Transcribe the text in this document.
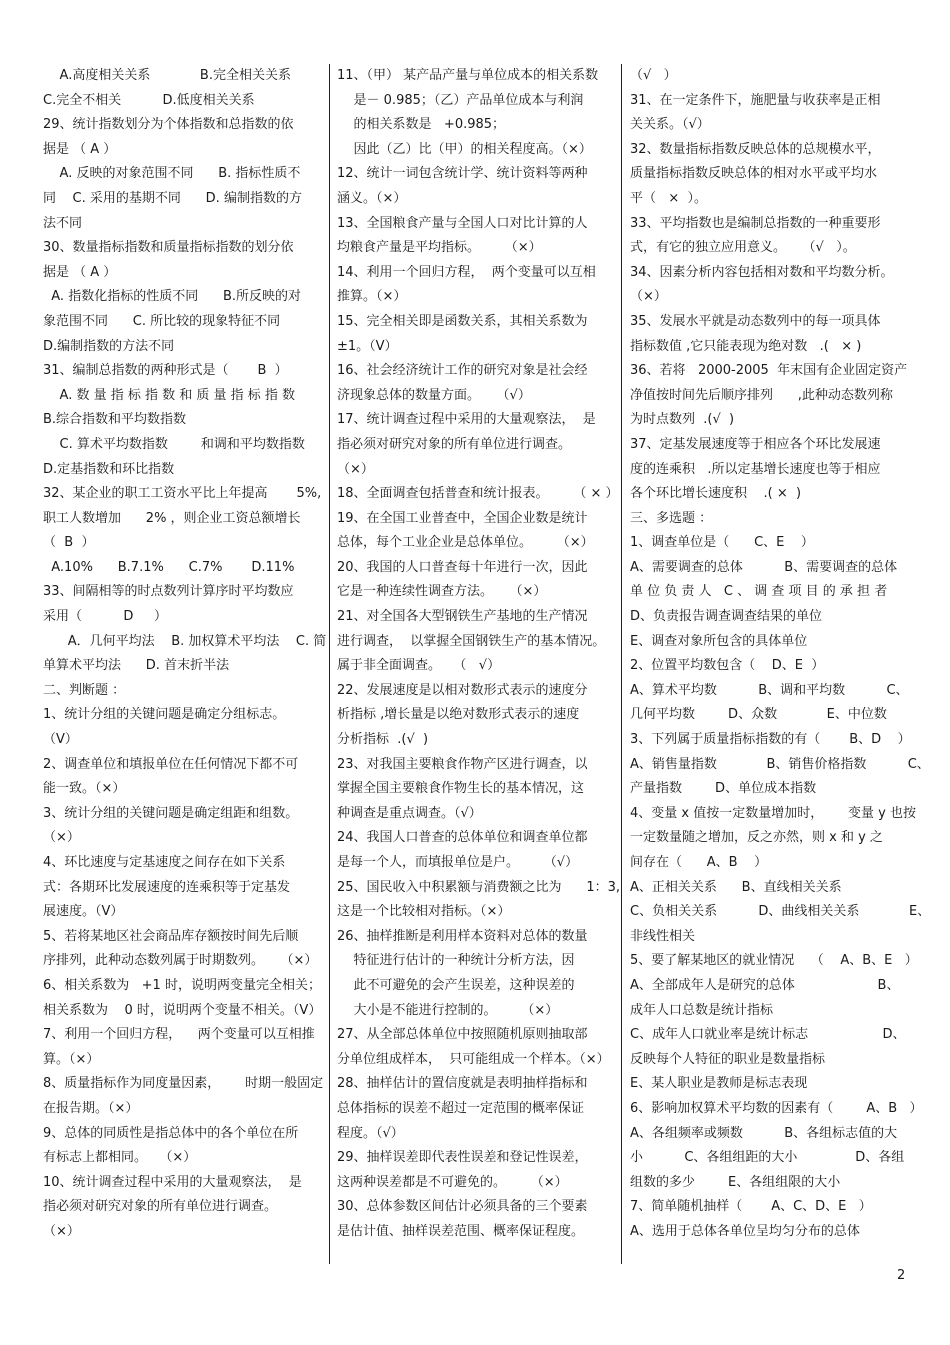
A.高度相关关系            B.完全相关关系
C.完全不相关          D.低度相关关系
29、统计指数划分为个体指数和总指数的依
据是 （ A ）
A. 反映的对象范围不同      B. 指标性质不
同    C. 采用的基期不同      D. 编制指数的方
法不同
30、数量指标指数和质量指标指数的划分依
据是 （ A ）
A. 指数化指标的性质不同      B.所反映的对
象范围不同      C. 所比较的现象特征不同
D.编制指数的方法不同
31、编制总指数的两种形式是（       B  ）
A. 数 量 指 标 指 数 和 质 量 指 标 指 数
B.综合指数和平均数指数
C. 算术平均数指数        和调和平均数指数
D.定基指数和环比指数
32、某企业的职工工资水平比上年提高       5%,
职工人数增加      2% ，则企业工资总额增长
（  B  ）
A.10%      B.7.1%      C.7%       D.11%
33、间隔相等的时点数列计算序时平均数应
采用（          D     ）
A．几何平均法    B. 加权算术平均法    C. 简
单算术平均法      D. 首末折半法
二、判断题 ：
1、统计分组的关键问题是确定分组标志。
（V）
2、调查单位和填报单位在任何情况下都不可
能一致。（×）
3、统计分组的关键问题是确定组距和组数。
（×）
4、环比速度与定基速度之间存在如下关系
式：各期环比发展速度的连乘积等于定基发
展速度。（V）
5、若将某地区社会商品库存额按时间先后顺
序排列，此种动态数列属于时期数列。    （×）
6、相关系数为   +1 时，说明两变量完全相关；
相关系数为    0 时，说明两个变量不相关。（V）
7、利用一个回归方程，    两个变量可以互相推
算。（×）
8、质量指标作为同度量因素，      时期一般固定
在报告期。（×）
9、总体的同质性是指总体中的各个单位在所
有标志上都相同。   （×）
10、统计调查过程中采用的大量观察法，  是
指必须对研究对象的所有单位进行调查。
（×）
11、（甲） 某产品产量与单位成本的相关系数
是－ 0.985；（乙）产品单位成本与利润
的相关系数是   +0.985；
因此（乙）比（甲）的相关程度高。（×）
12、统计一词包含统计学、统计资料等两种
涵义。（×）
13、全国粮食产量与全国人口对比计算的人
均粮食产量是平均指标。      （×）
14、利用一个回归方程，  两个变量可以互相
推算。（×）
15、完全相关即是函数关系，其相关系数为
±1。（V）
16、社会经济统计工作的研究对象是社会经
济现象总体的数量方面。    （√）
17、统计调查过程中采用的大量观察法，  是
指必须对研究对象的所有单位进行调查。
（×）
18、全面调查包括普查和统计报表。      （ × ）
19、在全国工业普查中，全国企业数是统计
总体，每个工业企业是总体单位。      （×）
20、我国的人口普查每十年进行一次，因此
它是一种连续性调查方法。    （×）
21、对全国各大型钢铁生产基地的生产情况
进行调查，  以掌握全国钢铁生产的基本情况。
属于非全面调查。   （   √）
22、发展速度是以相对数形式表示的速度分
析指标 ,增长量是以绝对数形式表示的速度
分析指标  .(√  )
23、对我国主要粮食作物产区进行调查，以
掌握全国主要粮食作物生长的基本情况，这
种调查是重点调查。（√）
24、我国人口普查的总体单位和调查单位都
是每一个人，而填报单位是户。      （√）
25、国民收入中积累额与消费额之比为      1：3,
这是一个比较相对指标。（×）
26、抽样推断是利用样本资料对总体的数量
特征进行估计的一种统计分析方法，因
此不可避免的会产生误差，这种误差的
大小是不能进行控制的。      （×）
27、从全部总体单位中按照随机原则抽取部
分单位组成样本，  只可能组成一个样本。（×）
28、抽样估计的置信度就是表明抽样指标和
总体指标的误差不超过一定范围的概率保证
程度。（√）
29、抽样误差即代表性误差和登记性误差，
这两种误差都是不可避免的。      （×）
30、总体参数区间估计必须具备的三个要素
是估计值、抽样误差范围、概率保证程度。
（√   ）
31、在一定条件下，施肥量与收获率是正相
关关系。（√）
32、数量指标指数反映总体的总规模水平，
质量指标指数反映总体的相对水平或平均水
平（   ×  ）。
33、平均指数也是编制总指数的一种重要形
式，有它的独立应用意义。    （√   ）。
34、因素分析内容包括相对数和平均数分析。
（×）
35、发展水平就是动态数列中的每一项具体
指标数值 ,它只能表现为绝对数   .(   × )
36、若将   2000-2005  年末国有企业固定资产
净值按时间先后顺序排列      ,此种动态数列称
为时点数列  .(√  )
37、定基发展速度等于相应各个环比发展速
度的连乘积   .所以定基增长速度也等于相应
各个环比增长速度积    .( ×  )
三、多选题 ：
1、调查单位是（      C、E    ）
A、需要调查的总体          B、需要调查的总体
单 位 负 责 人   C 、 调 查 项 目 的 承 担 者
D、负责报告调查调查结果的单位
E、调查对象所包含的具体单位
2、位置平均数包含（    D、E  ）
A、算术平均数          B、调和平均数          C、
几何平均数        D、众数            E、中位数
3、下列属于质量指标指数的有（       B、D    ）
A、销售量指数            B、销售价格指数          C、
产量指数        D、单位成本指数
4、变量 x 值按一定数量增加时，      变量 y 也按
一定数量随之增加，反之亦然，则 x 和 y 之
间存在（      A、B    ）
A、正相关关系      B、直线相关关系
C、负相关关系          D、曲线相关关系            E、
非线性相关
5、要了解某地区的就业情况    （    A、B、E   ）
A、全部成年人是研究的总体                    B、
成年人口总数是统计指标
C、成年人口就业率是统计标志                  D、
反映每个人特征的职业是数量指标
E、某人职业是教师是标志表现
6、影响加权算术平均数的因素有（        A、B   ）
A、各组频率或频数          B、各组标志值的大
小          C、各组组距的大小              D、各组
组数的多少        E、各组组限的大小
7、简单随机抽样（       A、C、D、E   ）
A、选用于总体各单位呈均匀分布的总体
2
